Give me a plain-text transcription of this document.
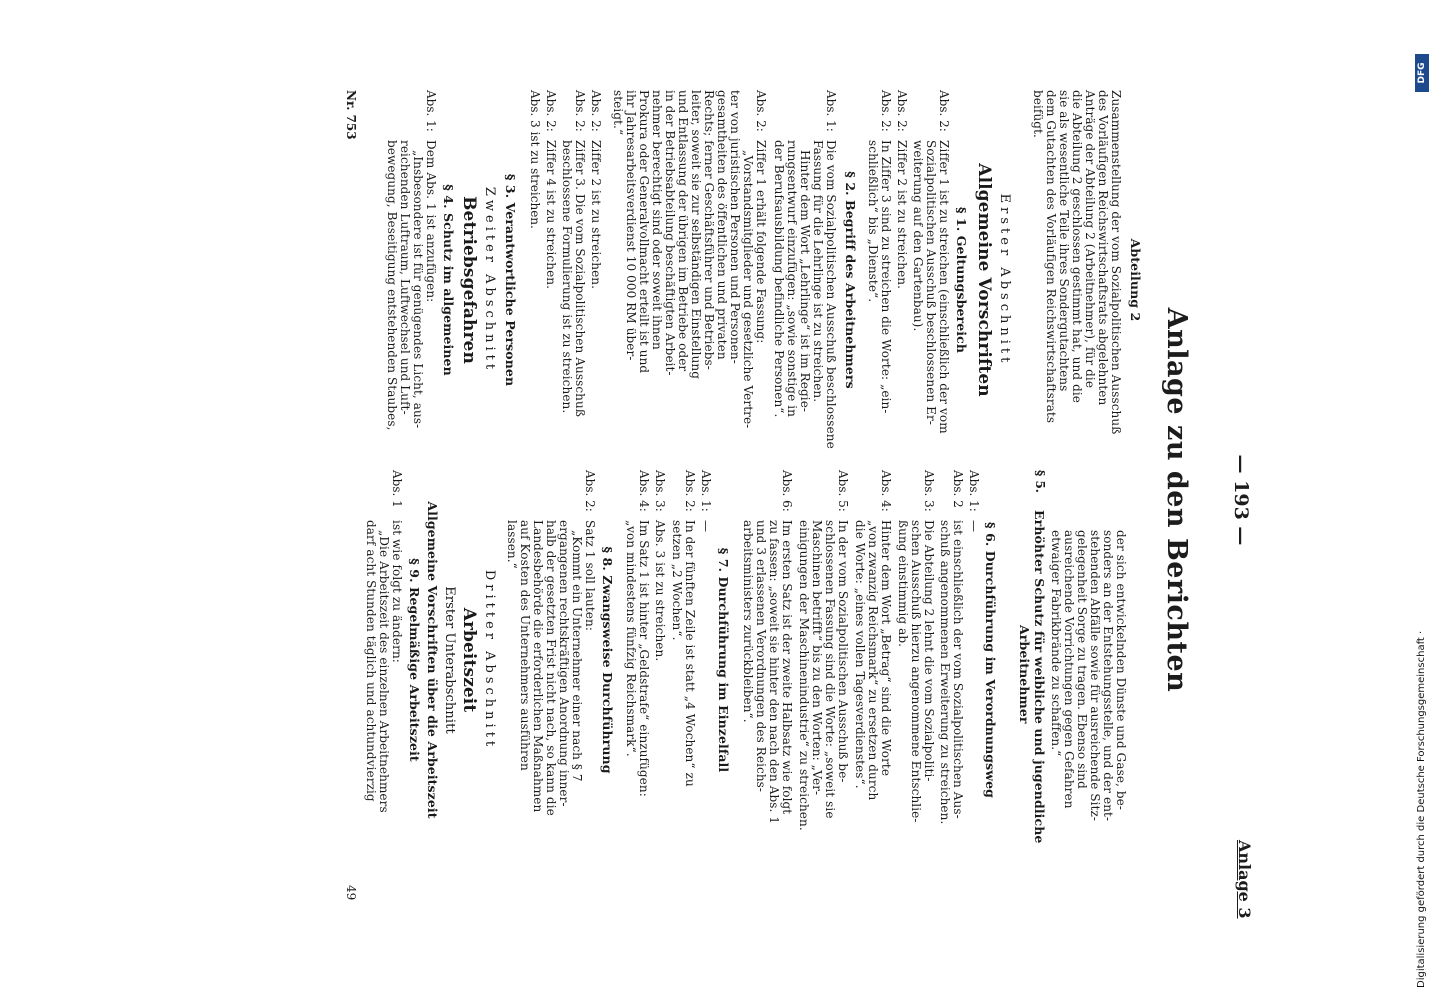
— 193 —
Anlage 3
Anlage zu den Berichten
Abteilung 2
Zusammenstellung der vom Sozialpolitischen Ausschuß
des Vorläufigen Reichswirtschaftsrats abgelehnten
Anträge der Abteilung 2 (Arbeitnehmer), für die
die Abteilung 2 geschlossen gestimmt hat, und die
sie als wesentliche Teile ihres Sondergutachtens
dem Gutachten des Vorläufigen Reichswirtschaftsrats
beifügt.
Erster Abschnitt
Allgemeine Vorschriften
§ 1. Geltungsbereich
Abs. 2:
Ziffer 1 ist zu streichen (einschließlich der vom
Sozialpolitischen Ausschuß beschlossenen Er-
weiterung auf den Gartenbau).
Abs. 2:
Ziffer 2 ist zu streichen.
Abs. 2:
In Ziffer 3 sind zu streichen die Worte: „ein-
schließlich“ bis „Dienste“.
§ 2. Begriff des Arbeitnehmers
Abs. 1:
Die vom Sozialpolitischen Ausschuß beschlossene
Fassung für die Lehrlinge ist zu streichen.
Hinter dem Wort „Lehrlinge“ ist im Regie-
rungsentwurf einzufügen: „sowie sonstige in
der Berufsausbildung befindliche Personen“.
Abs. 2:
Ziffer 1 erhält folgende Fassung:
„Vorstandsmitglieder und gesetzliche Vertre-
ter von juristischen Personen und Personen-
gesamtheiten des öffentlichen und privaten
Rechts; ferner Geschäftsführer und Betriebs-
leiter, soweit sie zur selbständigen Einstellung
und Entlassung der übrigen im Betriebe oder
in der Betriebsabteilung beschäftigten Arbeit-
nehmer berechtigt sind oder soweit ihnen
Prokura oder Generalvollmacht erteilt ist und
ihr Jahresarbeitsverdienst 10 000 RM über-
steigt.“
Abs. 2:
Ziffer 2 ist zu streichen.
Abs. 2:
Ziffer 3. Die vom Sozialpolitischen Ausschuß
beschlossene Formulierung ist zu streichen.
Abs. 2:
Ziffer 4 ist zu streichen.
Abs. 3 ist zu streichen.
§ 3. Verantwortliche Personen
Zweiter Abschnitt
Betriebsgefahren
§ 4. Schutz im allgemeinen
Abs. 1:
Dem Abs. 1 ist anzufügen:
„Insbesondere ist für genügendes Licht, aus-
reichenden Luftraum, Luftwechsel und Luft-
bewegung, Beseitigung entstehenden Staubes,
der sich entwickelnden Dünste und Gase, be-
sonders an der Entstehungsstelle, und der ent-
stehenden Abfälle sowie für ausreichende Sitz-
gelegenheit Sorge zu tragen. Ebenso sind
ausreichende Vorrichtungen gegen Gefahren
etwaiger Fabrikbrände zu schaffen.“
§ 5.
Erhöhter Schutz für weibliche und jugendliche
Arbeitnehmer
§ 6. Durchführung im Verordnungsweg
Abs. 1:
—
Abs. 2
ist einschließlich der vom Sozialpolitischen Aus-
schuß angenommenen Erweiterung zu streichen.
Abs. 3:
Die Abteilung 2 lehnt die vom Sozialpoliti-
schen Ausschuß hierzu angenommene Entschlie-
ßung einstimmig ab.
Abs. 4:
Hinter dem Wort „Betrag“ sind die Worte
„von zwanzig Reichsmark“ zu ersetzen durch
die Worte: „eines vollen Tagesverdienstes“.
Abs. 5:
In der vom Sozialpolitischen Ausschuß be-
schlossenen Fassung sind die Worte: „soweit sie
Maschinen betrifft“ bis zu den Worten: „Ver-
einigungen der Maschinenindustrie“ zu streichen.
Abs. 6:
Im ersten Satz ist der zweite Halbsatz wie folgt
zu fassen: „soweit sie hinter den nach den Abs. 1
und 3 erlassenen Verordnungen des Reichs-
arbeitsministers zurückbleiben“.
§ 7. Durchführung im Einzelfall
Abs. 1:
—
Abs. 2:
In der fünften Zeile ist statt „4 Wochen“ zu
setzen „2 Wochen“.
Abs. 3:
Abs. 3 ist zu streichen.
Abs. 4:
Im Satz 1 ist hinter „Geldstrafe“ einzufügen:
„von mindestens fünfzig Reichsmark“.
§ 8. Zwangsweise Durchführung
Abs. 2:
Satz 1 soll lauten:
„Kommt ein Unternehmer einer nach § 7
ergangenen rechtskräftigen Anordnung inner-
halb der gesetzten Frist nicht nach, so kann die
Landesbehörde die erforderlichen Maßnahmen
auf Kosten des Unternehmers ausführen
lassen.“
Dritter Abschnitt
Arbeitszeit
Erster Unterabschnitt
Allgemeine Vorschriften über die Arbeitszeit
§ 9. Regelmäßige Arbeitszeit
Abs. 1
ist wie folgt zu ändern:
„Die Arbeitszeit des einzelnen Arbeitnehmers
darf acht Stunden täglich und achtundvierzig
Nr. 753
49	Digitalisierung gefördert durch die Deutsche Forschungsgemeinschaft ·
DFG
